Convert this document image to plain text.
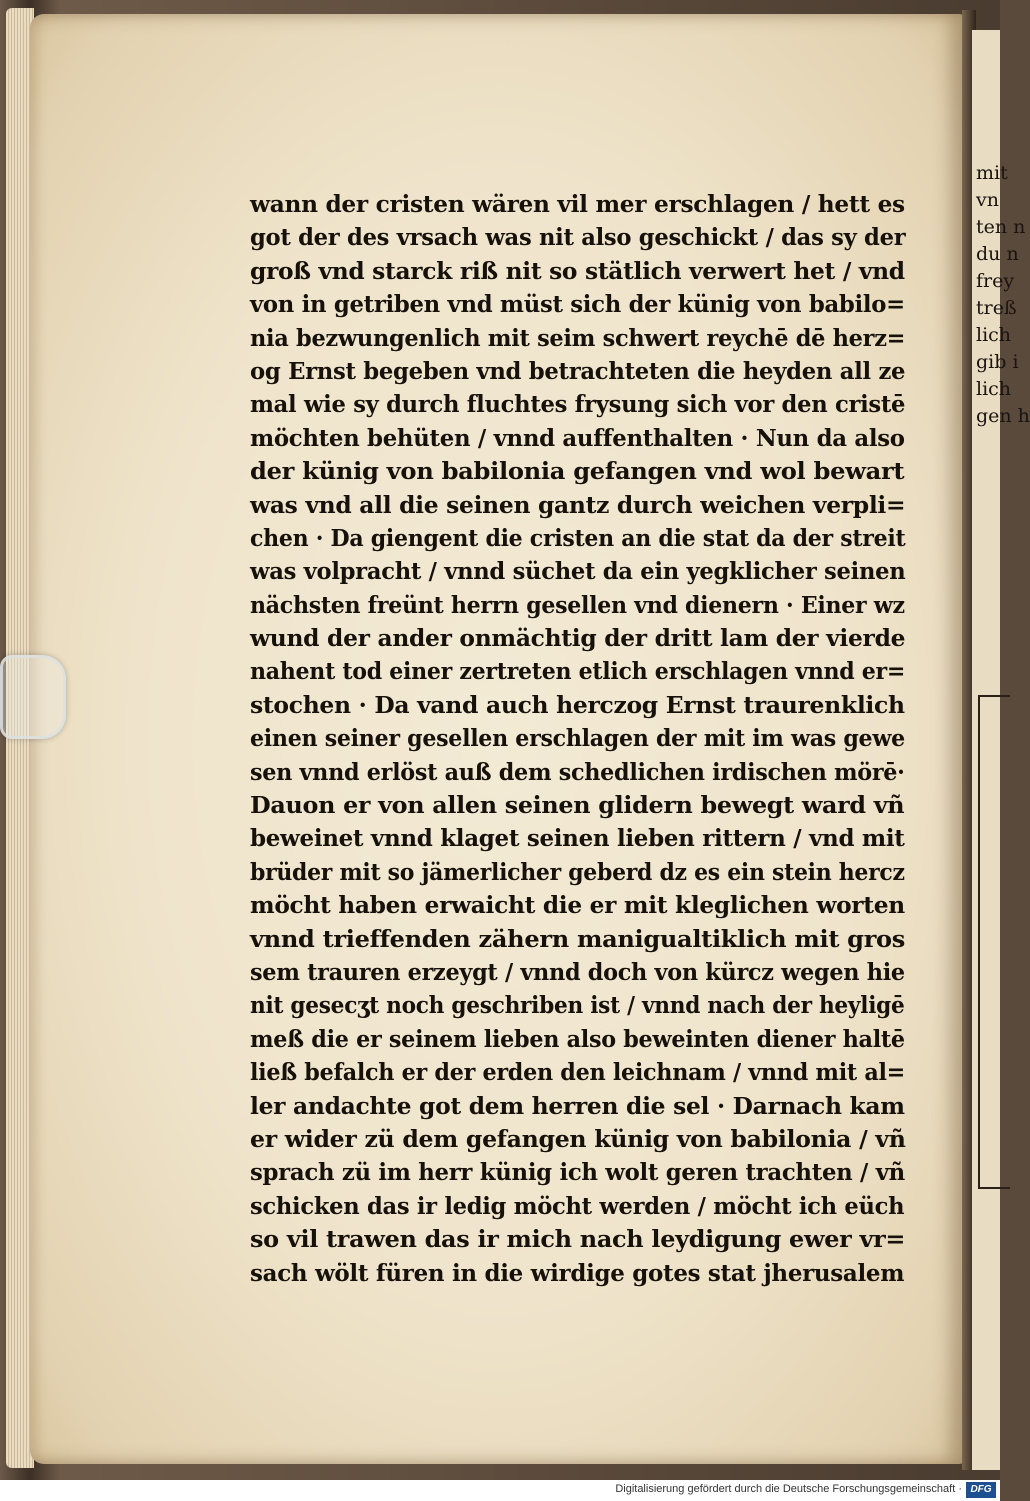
wann der cristen wären vil mer erschlagen / hett es
got der des vrsach was nit also geschickt / das sy der
groß vnd starck riß nit so stätlich verwert het / vnd
von in getriben vnd müst sich der künig von babilo=
nia bezwungenlich mit seim schwert reychē dē herz=
og Ernst begeben vnd betrachteten die heyden all ze
mal wie sy durch fluchtes frysung sich vor den cristē
möchten behüten / vnnd auffenthalten · Nun da also
der künig von babilonia gefangen vnd wol bewart
was vnd all die seinen gantz durch weichen verpli=
chen · Da giengent die cristen an die stat da der streit
was volpracht / vnnd süchet da ein yegklicher seinen
nächsten freünt herrn gesellen vnd dienern · Einer wz
wund der ander onmächtig der dritt lam der vierde
nahent tod einer zertreten etlich erschlagen vnnd er=
stochen · Da vand auch herczog Ernst traurenklich
einen seiner gesellen erschlagen der mit im was gewe
sen vnnd erlöst auß dem schedlichen irdischen mörē·
Dauon er von allen seinen glidern bewegt ward vñ
beweinet vnnd klaget seinen lieben rittern / vnd mit
brüder mit so jämerlicher geberd dz es ein stein hercz
möcht haben erwaicht die er mit kleglichen worten
vnnd trieffenden zähern manigualtiklich mit gros
sem trauren erzeygt / vnnd doch von kürcz wegen hie
nit gesecʒt noch geschriben ist / vnnd nach der heyligē
meß die er seinem lieben also beweinten diener haltē
ließ befalch er der erden den leichnam / vnnd mit al=
ler andachte got dem herren die sel · Darnach kam
er wider zü dem gefangen künig von babilonia / vñ
sprach zü im herr künig ich wolt geren trachten / vñ
schicken das ir ledig möcht werden / möcht ich eüch
so vil trawen das ir mich nach leydigung ewer vr=
sach wölt füren in die wirdige gotes stat jherusalem
mit
vn
ten n
du n
frey
treß
lich
gib i
lich
gen h
Digitalisierung gefördert durch die Deutsche Forschungsgemeinschaft · DFG
